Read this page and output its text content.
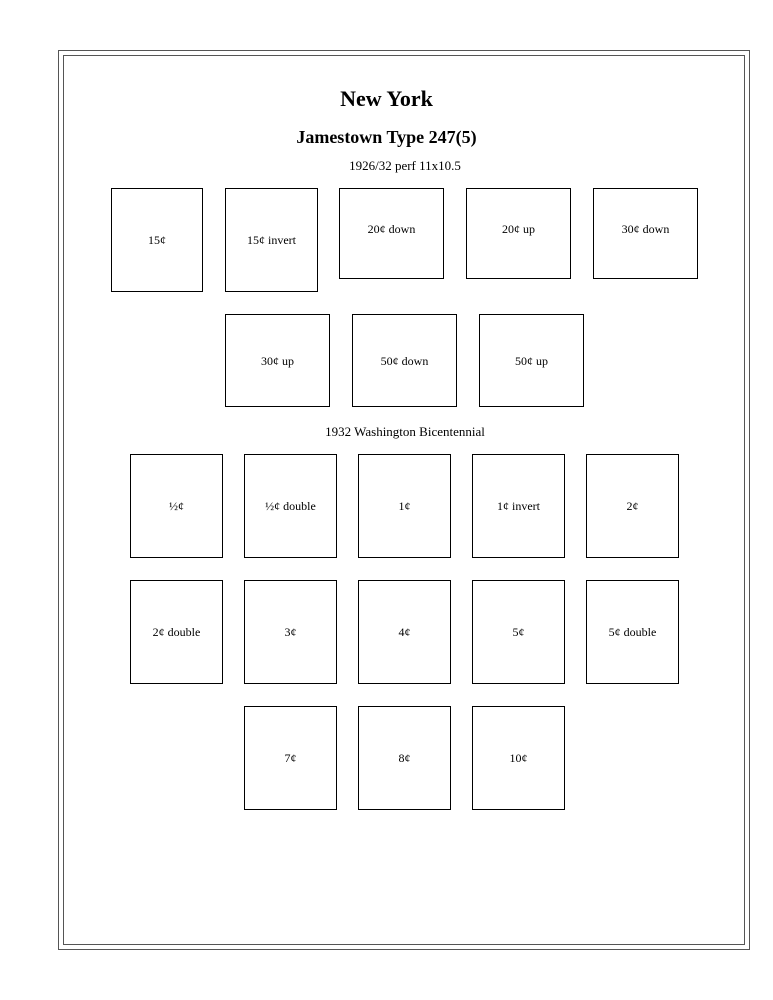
New York
Jamestown Type 247(5)
1926/32 perf 11x10.5
15¢	15¢ invert
20¢ down	20¢ up	30¢ down
30¢ up	50¢ down	50¢ up
1932 Washington Bicentennial
½¢	½¢ double	1¢	1¢ invert	2¢
2¢ double	3¢	4¢	5¢	5¢ double
7¢	8¢	10¢
